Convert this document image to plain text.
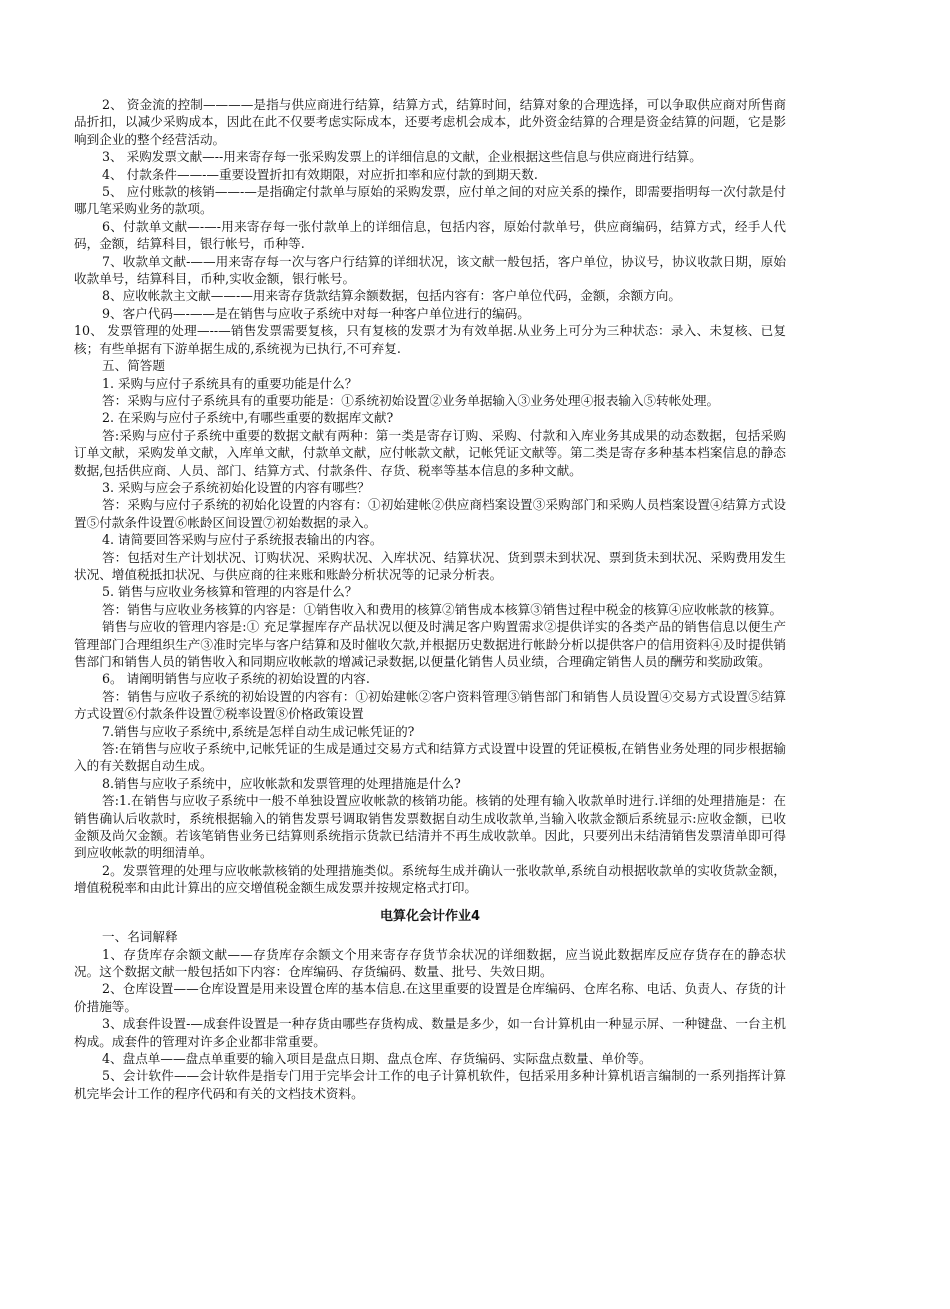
2、 资金流的控制————是指与供应商进行结算，结算方式，结算时间，结算对象的合理选择，可以争取供应商对所售商品折扣，以减少采购成本，因此在此不仅要考虑实际成本，还要考虑机会成本，此外资金结算的合理是资金结算的问题，它是影响到企业的整个经营活动。

3、 采购发票文献—--用来寄存每一张采购发票上的详细信息的文献，企业根据这些信息与供应商进行结算。

4、 付款条件——-—重要设置折扣有效期限，对应折扣率和应付款的到期天数.

5、 应付账款的核销——-—是指确定付款单与原始的采购发票，应付单之间的对应关系的操作，即需要指明每一次付款是付哪几笔采购业务的款项。

6、付款单文献—-—-用来寄存每一张付款单上的详细信息，包括内容，原始付款单号，供应商编码，结算方式，经手人代码，金额，结算科目，银行帐号，币种等.

7、收款单文献-——用来寄存每一次与客户行结算的详细状况，该文献一般包括，客户单位，协议号，协议收款日期，原始收款单号，结算科目，币种,实收金额，银行帐号。

8、应收帐款主文献——-—用来寄存货款结算余额数据，包括内容有：客户单位代码，金额，余额方向。

9、客户代码—-——是在销售与应收子系统中对每一种客户单位进行的编码。

10、 发票管理的处理—--—销售发票需要复核，只有复核的发票才为有效单据.从业务上可分为三种状态：录入、未复核、已复核；有些单据有下游单据生成的,系统视为已执行,不可弃复.

五、简答题

1. 采购与应付子系统具有的重要功能是什么？

答：采购与应付子系统具有的重要功能是：①系统初始设置②业务单据输入③业务处理④报表输入⑤转帐处理。

2. 在采购与应付子系统中,有哪些重要的数据库文献?

答:采购与应付子系统中重要的数据文献有两种：第一类是寄存订购、采购、付款和入库业务其成果的动态数据，包括采购订单文献，采购发单文献，入库单文献，付款单文献，应付帐款文献，记帐凭证文献等。第二类是寄存多种基本档案信息的静态数据,包括供应商、人员、部门、结算方式、付款条件、存货、税率等基本信息的多种文献。

3. 采购与应会子系统初始化设置的内容有哪些？

答：采购与应付子系统的初始化设置的内容有：①初始建帐②供应商档案设置③采购部门和采购人员档案设置④结算方式设置⑤付款条件设置⑥帐龄区间设置⑦初始数据的录入。

4. 请简要回答采购与应付子系统报表输出的内容。

答：包括对生产计划状况、订购状况、采购状况、入库状况、结算状况、货到票未到状况、票到货未到状况、采购费用发生状况、增值税抵扣状况、与供应商的往来账和账龄分析状况等的记录分析表。

5. 销售与应收业务核算和管理的内容是什么？

答：销售与应收业务核算的内容是：①销售收入和费用的核算②销售成本核算③销售过程中税金的核算④应收帐款的核算。

销售与应收的管理内容是:① 充足掌握库存产品状况以便及时满足客户购置需求②提供详实的各类产品的销售信息以便生产管理部门合理组织生产③准时完毕与客户结算和及时催收欠款,并根据历史数据进行帐龄分析以提供客户的信用资料④及时提供销售部门和销售人员的销售收入和同期应收帐款的增减记录数据,以便量化销售人员业绩，合理确定销售人员的酬劳和奖励政策。

6。 请阐明销售与应收子系统的初始设置的内容.

答：销售与应收子系统的初始设置的内容有：①初始建帐②客户资料管理③销售部门和销售人员设置④交易方式设置⑤结算方式设置⑥付款条件设置⑦税率设置⑧价格政策设置

7.销售与应收子系统中,系统是怎样自动生成记帐凭证的?

答:在销售与应收子系统中,记帐凭证的生成是通过交易方式和结算方式设置中设置的凭证模板,在销售业务处理的同步根据输入的有关数据自动生成。

8.销售与应收子系统中，应收帐款和发票管理的处理措施是什么?

答:1.在销售与应收子系统中一般不单独设置应收帐款的核销功能。核销的处理有输入收款单时进行.详细的处理措施是：在销售确认后收款时，系统根据输入的销售发票号调取销售发票数据自动生成收款单,当输入收款金额后系统显示:应收金额，已收金额及尚欠金额。若该笔销售业务已结算则系统指示货款已结清并不再生成收款单。因此，只要列出未结清销售发票清单即可得到应收帐款的明细清单。

2。发票管理的处理与应收帐款核销的处理措施类似。系统每生成并确认一张收款单,系统自动根据收款单的实收货款金额，增值税税率和由此计算出的应交增值税金额生成发票并按规定格式打印。

电算化会计作业4

一、名词解释

1、存货库存余额文献——存货库存余额文个用来寄存存货节余状况的详细数据，应当说此数据库反应存货存在的静态状况。这个数据文献一般包括如下内容：仓库编码、存货编码、数量、批号、失效日期。

2、仓库设置——仓库设置是用来设置仓库的基本信息.在这里重要的设置是仓库编码、仓库名称、电话、负责人、存货的计价措施等。

3、成套件设置-—成套件设置是一种存货由哪些存货构成、数量是多少，如一台计算机由一种显示屏、一种键盘、一台主机构成。成套件的管理对许多企业都非常重要。

4、盘点单——盘点单重要的输入项目是盘点日期、盘点仓库、存货编码、实际盘点数量、单价等。

5、会计软件——会计软件是指专门用于完毕会计工作的电子计算机软件，包括采用多种计算机语言编制的一系列指挥计算机完毕会计工作的程序代码和有关的文档技术资料。
